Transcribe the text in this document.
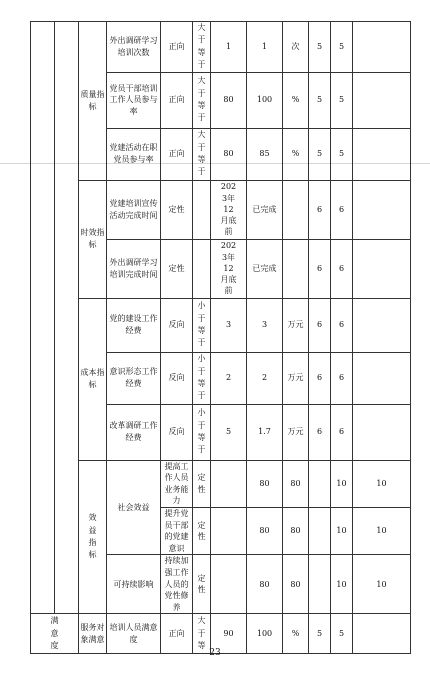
		质量指标	外出调研学习培训次数	正向	大于等于	1	1	次	5	5		
			党员干部培训工作人员参与率	正向	大于等于	80	100	%	5	5		
			党建活动在职党员参与率	正向	大于等于	80	85	%	5	5		
		时效指标	党建培训宣传活动完成时间	定性		2023年12月底前	已完成		6	6		
			外出调研学习培训完成时间	定性		2023年12月底前	已完成		6	6		
		成本指标	党的建设工作经费	反向	小于等于	3	3	万元	6	6		
			意识形态工作经费	反向	小于等于	2	2	万元	6	6		
			改革调研工作经费	反向	小于等于	5	1.7	万元	6	6		
		效益指标	社会效益	提高工作人员业务能力	定性		80	80		10	10	
				提升党员干部的党建意识	定性		80	80		10	10	
			可持续影响	持续加强工作人员的党性修养	定性		80	80		10	10	
满意度		服务对象满意	培训人员满意度	正向	大于等	90	100	%	5	5		
23
